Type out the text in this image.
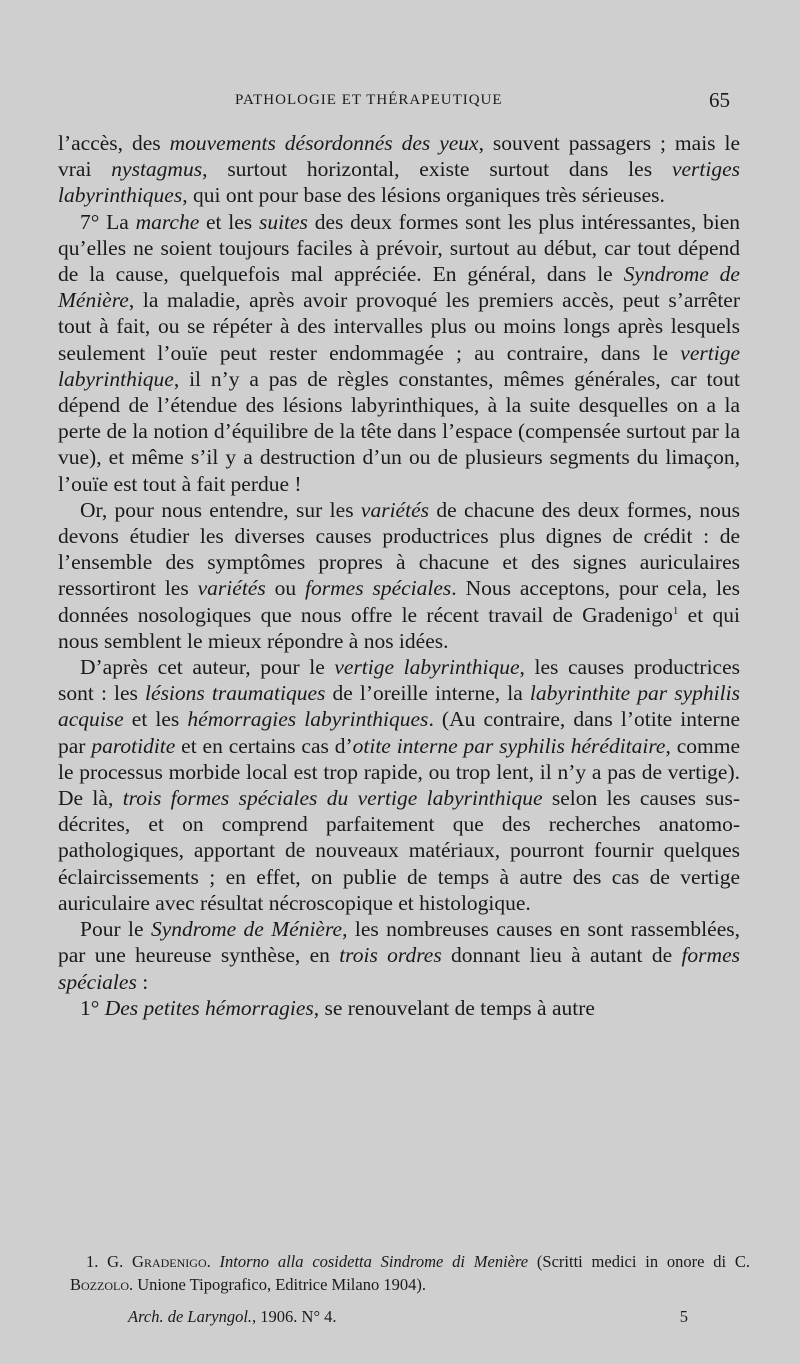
PATHOLOGIE ET THÉRAPEUTIQUE	65

l’accès, des mouvements désordonnés des yeux, souvent passagers ; mais le vrai nystagmus, surtout horizontal, existe surtout dans les vertiges labyrinthiques, qui ont pour base des lésions organiques très sérieuses.

7° La marche et les suites des deux formes sont les plus intéressantes, bien qu’elles ne soient toujours faciles à prévoir, surtout au début, car tout dépend de la cause, quelquefois mal appréciée. En général, dans le Syndrome de Ménière, la maladie, après avoir provoqué les premiers accès, peut s’arrêter tout à fait, ou se répéter à des intervalles plus ou moins longs après lesquels seulement l’ouïe peut rester endommagée ; au contraire, dans le vertige labyrinthique, il n’y a pas de règles constantes, mêmes générales, car tout dépend de l’étendue des lésions labyrinthiques, à la suite desquelles on a la perte de la notion d’équilibre de la tête dans l’espace (compensée surtout par la vue), et même s’il y a destruction d’un ou de plusieurs segments du limaçon, l’ouïe est tout à fait perdue !

Or, pour nous entendre, sur les variétés de chacune des deux formes, nous devons étudier les diverses causes productrices plus dignes de crédit : de l’ensemble des symptômes propres à chacune et des signes auriculaires ressortiront les variétés ou formes spéciales. Nous acceptons, pour cela, les données nosologiques que nous offre le récent travail de Gradenigo$^1$ et qui nous semblent le mieux répondre à nos idées.

D’après cet auteur, pour le vertige labyrinthique, les causes productrices sont : les lésions traumatiques de l’oreille interne, la labyrinthite par syphilis acquise et les hémorragies labyrinthiques. (Au contraire, dans l’otite interne par parotidite et en certains cas d’otite interne par syphilis héréditaire, comme le processus morbide local est trop rapide, ou trop lent, il n’y a pas de vertige). De là, trois formes spéciales du vertige labyrinthique selon les causes sus-décrites, et on comprend parfaitement que des recherches anatomo-pathologiques, apportant de nouveaux matériaux, pourront fournir quelques éclaircissements ; en effet, on publie de temps à autre des cas de vertige auriculaire avec résultat nécroscopique et histologique.

Pour le Syndrome de Ménière, les nombreuses causes en sont rassemblées, par une heureuse synthèse, en trois ordres donnant lieu à autant de formes spéciales :

1° Des petites hémorragies, se renouvelant de temps à autre

1. G. Gradenigo. Intorno alla cosidetta Sindrome di Menière (Scritti medici in onore di C. Bozzolo. Unione Tipografico, Editrice Milano 1904).

Arch. de Laryngol., 1906. N° 4.	5
